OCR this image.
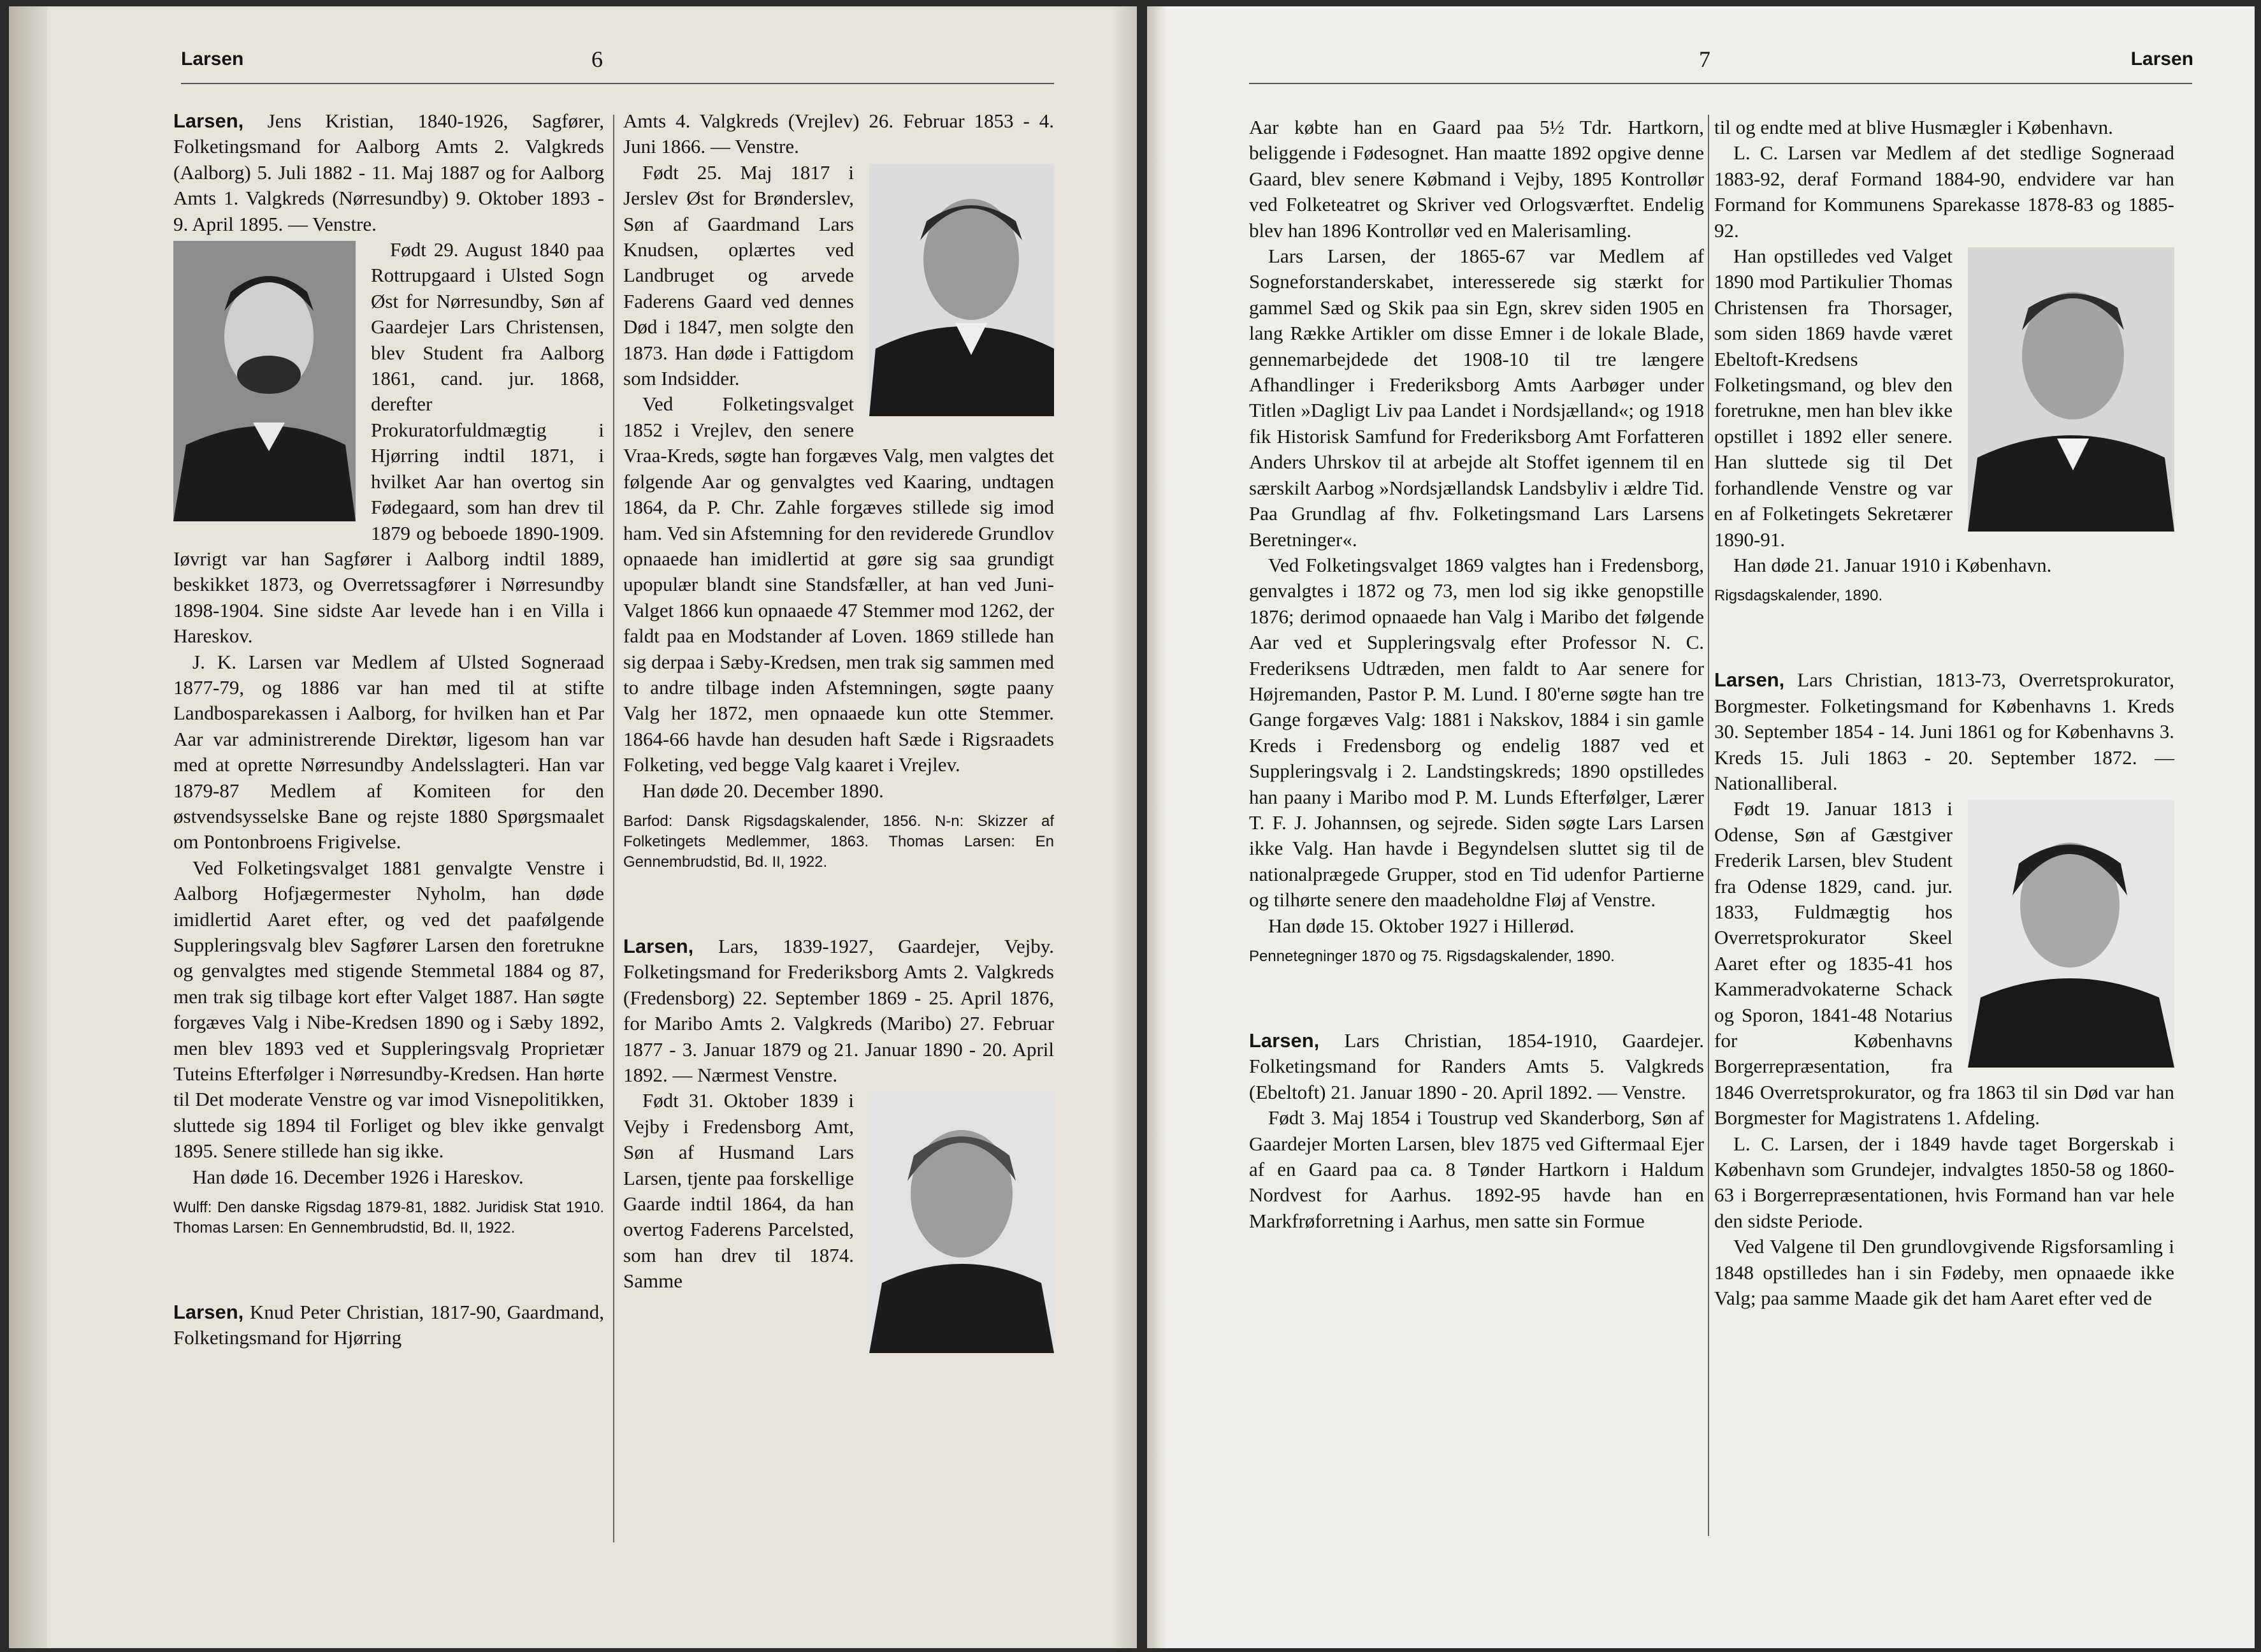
Larsen	6

Larsen, Jens Kristian, 1840-1926, Sagfører, Folketingsmand for Aalborg Amts 2. Valgkreds (Aalborg) 5. Juli 1882 - 11. Maj 1887 og for Aalborg Amts 1. Valgkreds (Nørresundby) 9. Oktober 1893 - 9. April 1895. — Venstre.

Født 29. August 1840 paa Rottrupgaard i Ulsted Sogn Øst for Nørresundby, Søn af Gaardejer Lars Christensen, blev Student fra Aalborg 1861, cand. jur. 1868, derefter Prokuratorfuldmægtig i Hjørring indtil 1871, i hvilket Aar han overtog sin Fødegaard, som han drev til 1879 og beboede 1890-1909. Iøvrigt var han Sagfører i Aalborg indtil 1889, beskikket 1873, og Overretssagfører i Nørresundby 1898-1904. Sine sidste Aar levede han i en Villa i Hareskov.

J. K. Larsen var Medlem af Ulsted Sogneraad 1877-79, og 1886 var han med til at stifte Landbosparekassen i Aalborg, for hvilken han et Par Aar var administrerende Direktør, ligesom han var med at oprette Nørresundby Andelsslagteri. Han var 1879-87 Medlem af Komiteen for den østvendsysselske Bane og rejste 1880 Spørgsmaalet om Pontonbroens Frigivelse.

Ved Folketingsvalget 1881 genvalgte Venstre i Aalborg Hofjægermester Nyholm, han døde imidlertid Aaret efter, og ved det paafølgende Suppleringsvalg blev Sagfører Larsen den foretrukne og genvalgtes med stigende Stemmetal 1884 og 87, men trak sig tilbage kort efter Valget 1887. Han søgte forgæves Valg i Nibe-Kredsen 1890 og i Sæby 1892, men blev 1893 ved et Suppleringsvalg Proprietær Tuteins Efterfølger i Nørresundby-Kredsen. Han hørte til Det moderate Venstre og var imod Visnepolitikken, sluttede sig 1894 til Forliget og blev ikke genvalgt 1895. Senere stillede han sig ikke.

Han døde 16. December 1926 i Hareskov.

Wulff: Den danske Rigsdag 1879-81, 1882. Juridisk Stat 1910. Thomas Larsen: En Gennembrudstid, Bd. II, 1922.

Larsen, Knud Peter Christian, 1817-90, Gaardmand, Folketingsmand for Hjørring

Amts 4. Valgkreds (Vrejlev) 26. Februar 1853 - 4. Juni 1866. — Venstre.

Født 25. Maj 1817 i Jerslev Øst for Brønderslev, Søn af Gaardmand Lars Knudsen, oplærtes ved Landbruget og arvede Faderens Gaard ved dennes Død i 1847, men solgte den 1873. Han døde i Fattigdom som Indsidder.

Ved Folketingsvalget 1852 i Vrejlev, den senere Vraa-Kreds, søgte han forgæves Valg, men valgtes det følgende Aar og genvalgtes ved Kaaring, undtagen 1864, da P. Chr. Zahle forgæves stillede sig imod ham. Ved sin Afstemning for den reviderede Grundlov opnaaede han imidlertid at gøre sig saa grundigt upopulær blandt sine Standsfæller, at han ved Juni-Valget 1866 kun opnaaede 47 Stemmer mod 1262, der faldt paa en Modstander af Loven. 1869 stillede han sig derpaa i Sæby-Kredsen, men trak sig sammen med to andre tilbage inden Afstemningen, søgte paany Valg her 1872, men opnaaede kun otte Stemmer. 1864-66 havde han desuden haft Sæde i Rigsraadets Folketing, ved begge Valg kaaret i Vrejlev.

Han døde 20. December 1890.

Barfod: Dansk Rigsdagskalender, 1856. N-n: Skizzer af Folketingets Medlemmer, 1863. Thomas Larsen: En Gennembrudstid, Bd. II, 1922.

Larsen, Lars, 1839-1927, Gaardejer, Vejby. Folketingsmand for Frederiksborg Amts 2. Valgkreds (Fredensborg) 22. September 1869 - 25. April 1876, for Maribo Amts 2. Valgkreds (Maribo) 27. Februar 1877 - 3. Januar 1879 og 21. Januar 1890 - 20. April 1892. — Nærmest Venstre.

Født 31. Oktober 1839 i Vejby i Fredensborg Amt, Søn af Husmand Lars Larsen, tjente paa forskellige Gaarde indtil 1864, da han overtog Faderens Parcelsted, som han drev til 1874. Samme

7	Larsen

Aar købte han en Gaard paa 5½ Tdr. Hartkorn, beliggende i Fødesognet. Han maatte 1892 opgive denne Gaard, blev senere Købmand i Vejby, 1895 Kontrollør ved Folketeatret og Skriver ved Orlogsværftet. Endelig blev han 1896 Kontrollør ved en Malerisamling.

Lars Larsen, der 1865-67 var Medlem af Sogneforstanderskabet, interesserede sig stærkt for gammel Sæd og Skik paa sin Egn, skrev siden 1905 en lang Række Artikler om disse Emner i de lokale Blade, gennemarbejdede det 1908-10 til tre længere Afhandlinger i Frederiksborg Amts Aarbøger under Titlen »Dagligt Liv paa Landet i Nordsjælland«; og 1918 fik Historisk Samfund for Frederiksborg Amt Forfatteren Anders Uhrskov til at arbejde alt Stoffet igennem til en særskilt Aarbog »Nordsjællandsk Landsbyliv i ældre Tid. Paa Grundlag af fhv. Folketingsmand Lars Larsens Beretninger«.

Ved Folketingsvalget 1869 valgtes han i Fredensborg, genvalgtes i 1872 og 73, men lod sig ikke genopstille 1876; derimod opnaaede han Valg i Maribo det følgende Aar ved et Suppleringsvalg efter Professor N. C. Frederiksens Udtræden, men faldt to Aar senere for Højremanden, Pastor P. M. Lund. I 80'erne søgte han tre Gange forgæves Valg: 1881 i Nakskov, 1884 i sin gamle Kreds i Fredensborg og endelig 1887 ved et Suppleringsvalg i 2. Landstingskreds; 1890 opstilledes han paany i Maribo mod P. M. Lunds Efterfølger, Lærer T. F. J. Johannsen, og sejrede. Siden søgte Lars Larsen ikke Valg. Han havde i Begyndelsen sluttet sig til de nationalprægede Grupper, stod en Tid udenfor Partierne og tilhørte senere den maadeholdne Fløj af Venstre.

Han døde 15. Oktober 1927 i Hillerød.

Pennetegninger 1870 og 75. Rigsdagskalender, 1890.

Larsen, Lars Christian, 1854-1910, Gaardejer. Folketingsmand for Randers Amts 5. Valgkreds (Ebeltoft) 21. Januar 1890 - 20. April 1892. — Venstre.

Født 3. Maj 1854 i Toustrup ved Skanderborg, Søn af Gaardejer Morten Larsen, blev 1875 ved Giftermaal Ejer af en Gaard paa ca. 8 Tønder Hartkorn i Haldum Nordvest for Aarhus. 1892-95 havde han en Markfrøforretning i Aarhus, men satte sin Formue

til og endte med at blive Husmægler i København.

L. C. Larsen var Medlem af det stedlige Sogneraad 1883-92, deraf Formand 1884-90, endvidere var han Formand for Kommunens Sparekasse 1878-83 og 1885-92.

Han opstilledes ved Valget 1890 mod Partikulier Thomas Christensen fra Thorsager, som siden 1869 havde været Ebeltoft-Kredsens Folketingsmand, og blev den foretrukne, men han blev ikke opstillet i 1892 eller senere. Han sluttede sig til Det forhandlende Venstre og var en af Folketingets Sekretærer 1890-91.

Han døde 21. Januar 1910 i København.

Rigsdagskalender, 1890.

Larsen, Lars Christian, 1813-73, Overretsprokurator, Borgmester. Folketingsmand for Københavns 1. Kreds 30. September 1854 - 14. Juni 1861 og for Københavns 3. Kreds 15. Juli 1863 - 20. September 1872. — Nationalliberal.

Født 19. Januar 1813 i Odense, Søn af Gæstgiver Frederik Larsen, blev Student fra Odense 1829, cand. jur. 1833, Fuldmægtig hos Overretsprokurator Skeel Aaret efter og 1835-41 hos Kammeradvokaterne Schack og Sporon, 1841-48 Notarius for Københavns Borgerrepræsentation, fra 1846 Overretsprokurator, og fra 1863 til sin Død var han Borgmester for Magistratens 1. Afdeling.

L. C. Larsen, der i 1849 havde taget Borgerskab i København som Grundejer, indvalgtes 1850-58 og 1860-63 i Borgerrepræsentationen, hvis Formand han var hele den sidste Periode.

Ved Valgene til Den grundlovgivende Rigsforsamling i 1848 opstilledes han i sin Fødeby, men opnaaede ikke Valg; paa samme Maade gik det ham Aaret efter ved de
